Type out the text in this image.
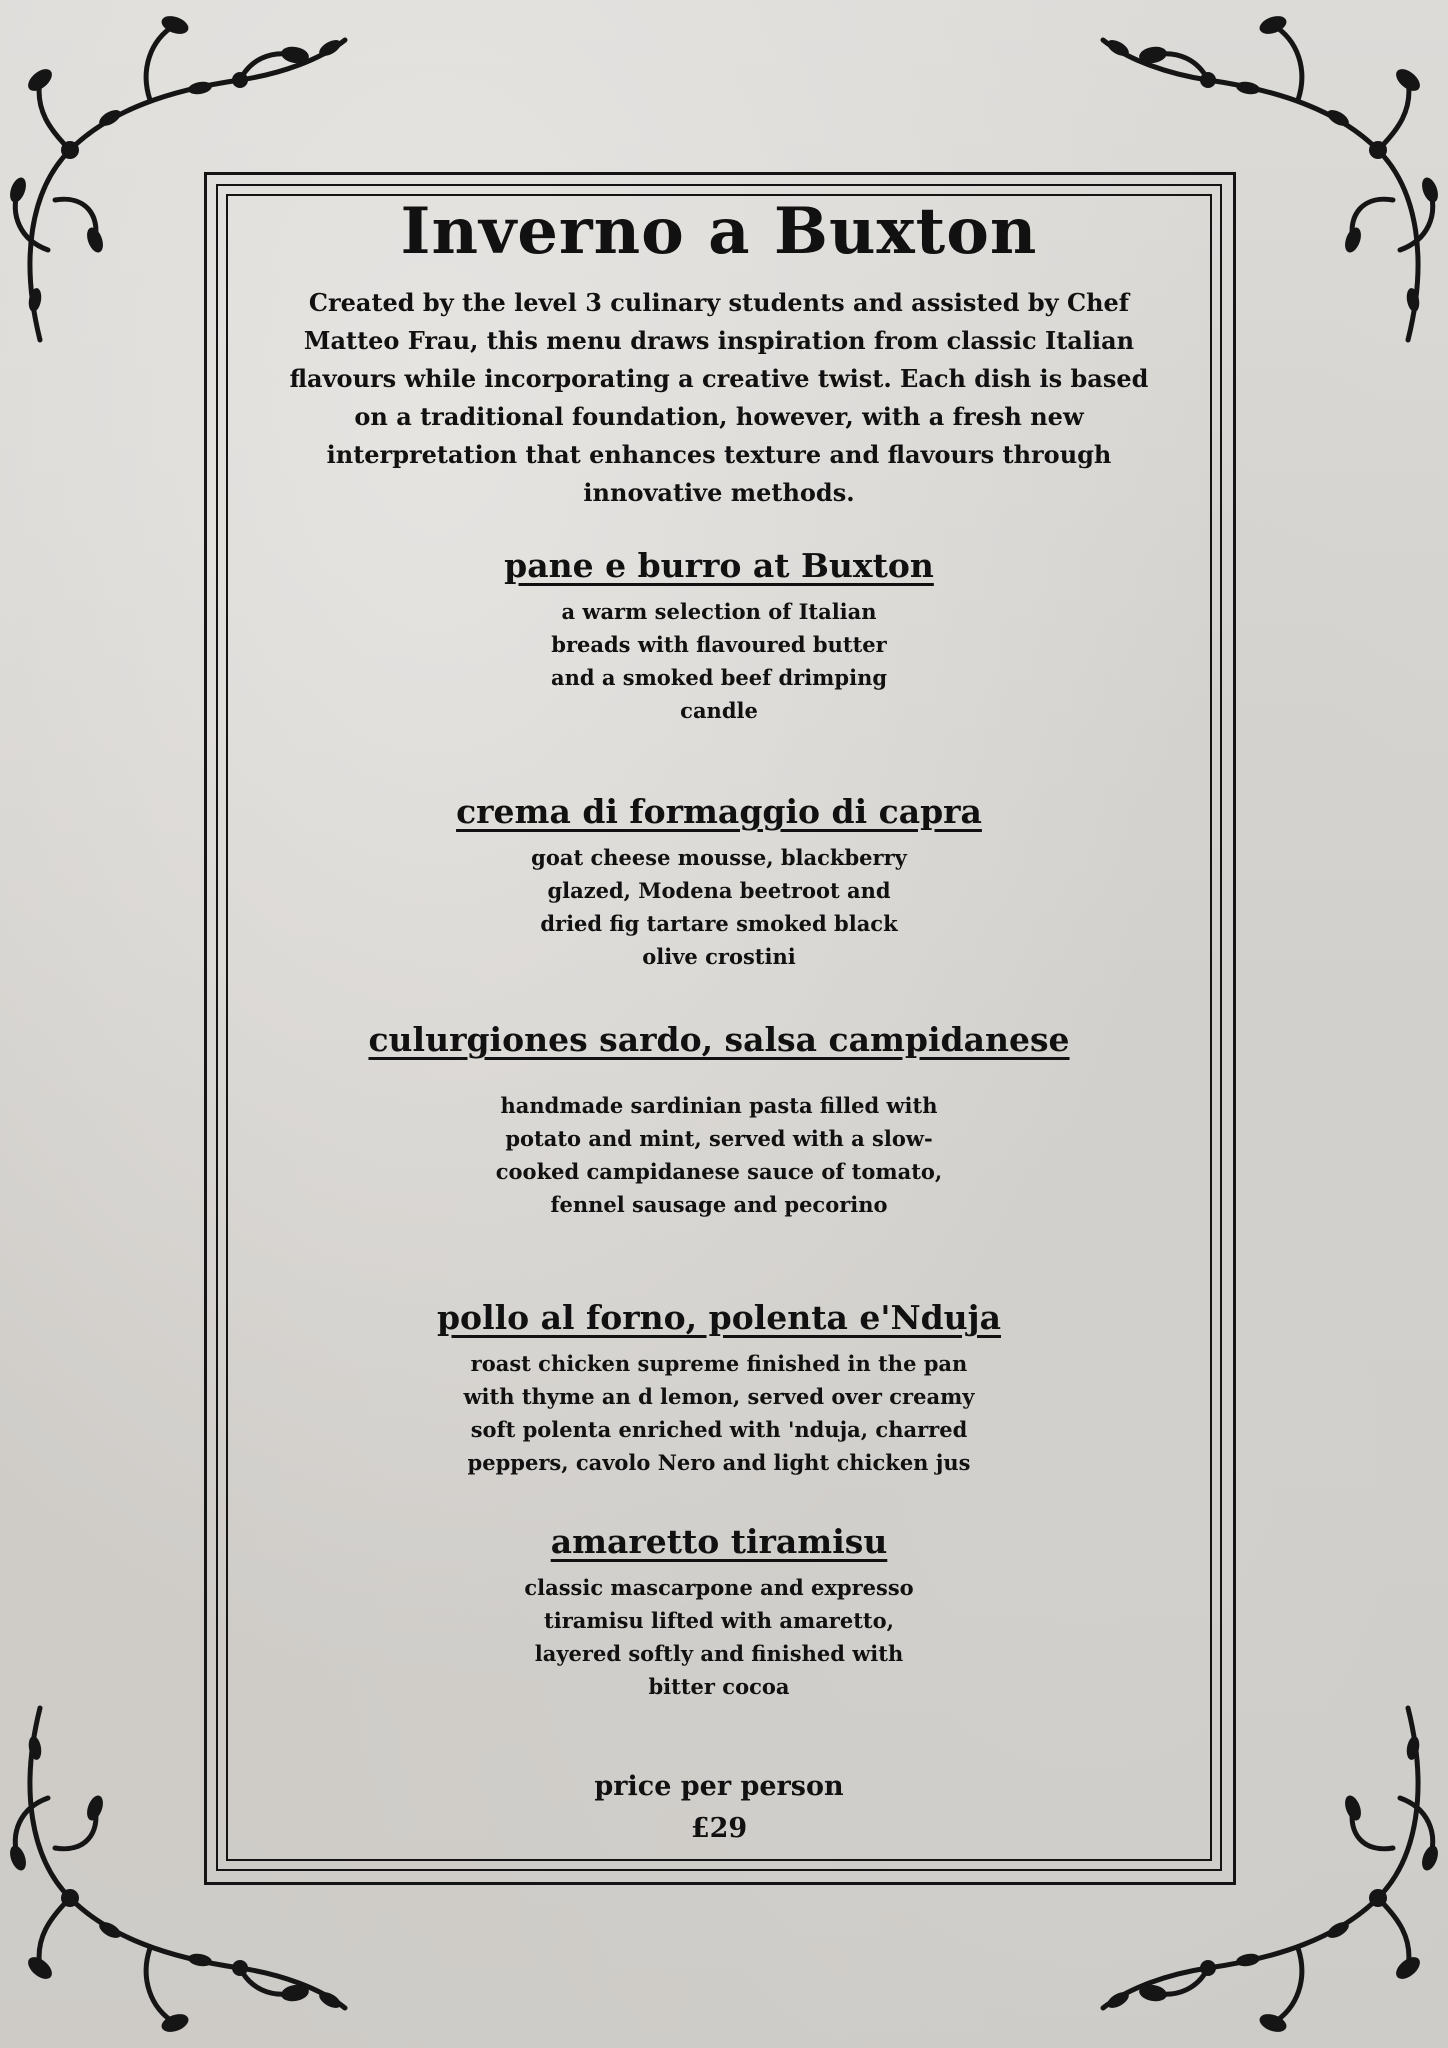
Inverno a Buxton

Created by the level 3 culinary students and assisted by Chef Matteo Frau, this menu draws inspiration from classic Italian flavours while incorporating a creative twist. Each dish is based on a traditional foundation, however, with a fresh new interpretation that enhances texture and flavours through innovative methods.

pane e burro at Buxton

a warm selection of Italian breads with flavoured butter and a smoked beef drimping candle

crema di formaggio di capra

goat cheese mousse, blackberry glazed, Modena beetroot and dried fig tartare smoked black olive crostini

culurgiones sardo, salsa campidanese

handmade sardinian pasta filled with potato and mint, served with a slow-cooked campidanese sauce of tomato, fennel sausage and pecorino

pollo al forno, polenta e'Nduja

roast chicken supreme finished in the pan with thyme an d lemon, served over creamy soft polenta enriched with 'nduja, charred peppers, cavolo Nero and light chicken jus

amaretto tiramisu

classic mascarpone and expresso tiramisu lifted with amaretto, layered softly and finished with bitter cocoa

price per person
£29
